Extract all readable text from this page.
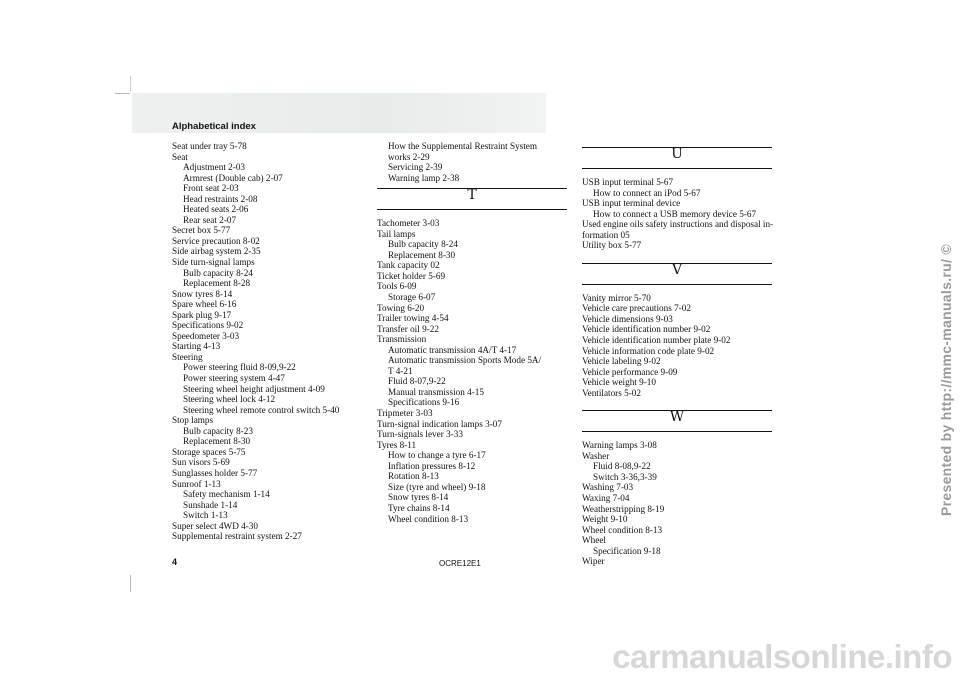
Alphabetical index
Seat under tray 5-78
Seat
Adjustment 2-03
Armrest (Double cab) 2-07
Front seat 2-03
Head restraints 2-08
Heated seats 2-06
Rear seat 2-07
Secret box 5-77
Service precaution 8-02
Side airbag system 2-35
Side turn-signal lamps
Bulb capacity 8-24
Replacement 8-28
Snow tyres 8-14
Spare wheel 6-16
Spark plug 9-17
Specifications 9-02
Speedometer 3-03
Starting 4-13
Steering
Power steering fluid 8-09,9-22
Power steering system 4-47
Steering wheel height adjustment 4-09
Steering wheel lock 4-12
Steering wheel remote control switch 5-40
Stop lamps
Bulb capacity 8-23
Replacement 8-30
Storage spaces 5-75
Sun visors 5-69
Sunglasses holder 5-77
Sunroof 1-13
Safety mechanism 1-14
Sunshade 1-14
Switch 1-13
Super select 4WD 4-30
Supplemental restraint system 2-27
How the Supplemental Restraint System
works 2-29
Servicing 2-39
Warning lamp 2-38
T
Tachometer 3-03
Tail lamps
Bulb capacity 8-24
Replacement 8-30
Tank capacity 02
Ticket holder 5-69
Tools 6-09
Storage 6-07
Towing 6-20
Trailer towing 4-54
Transfer oil 9-22
Transmission
Automatic transmission 4A/T 4-17
Automatic transmission Sports Mode 5A/
T 4-21
Fluid 8-07,9-22
Manual transmission 4-15
Specifications 9-16
Tripmeter 3-03
Turn-signal indication lamps 3-07
Turn-signals lever 3-33
Tyres 8-11
How to change a tyre 6-17
Inflation pressures 8-12
Rotation 8-13
Size (tyre and wheel) 9-18
Snow tyres 8-14
Tyre chains 8-14
Wheel condition 8-13
U
USB input terminal 5-67
How to connect an iPod 5-67
USB input terminal device
How to connect a USB memory device 5-67
Used engine oils safety instructions and disposal in-
formation 05
Utility box 5-77
V
Vanity mirror 5-70
Vehicle care precautions 7-02
Vehicle dimensions 9-03
Vehicle identification number 9-02
Vehicle identification number plate 9-02
Vehicle information code plate 9-02
Vehicle labeling 9-02
Vehicle performance 9-09
Vehicle weight 9-10
Ventilators 5-02
W
Warning lamps 3-08
Washer
Fluid 8-08,9-22
Switch 3-36,3-39
Washing 7-03
Waxing 7-04
Weatherstripping 8-19
Weight 9-10
Wheel condition 8-13
Wheel
Specification 9-18
Wiper
4	OCRE12E1
Presented by http://mmc-manuals.ru/ ©
carmanualsonline.info
